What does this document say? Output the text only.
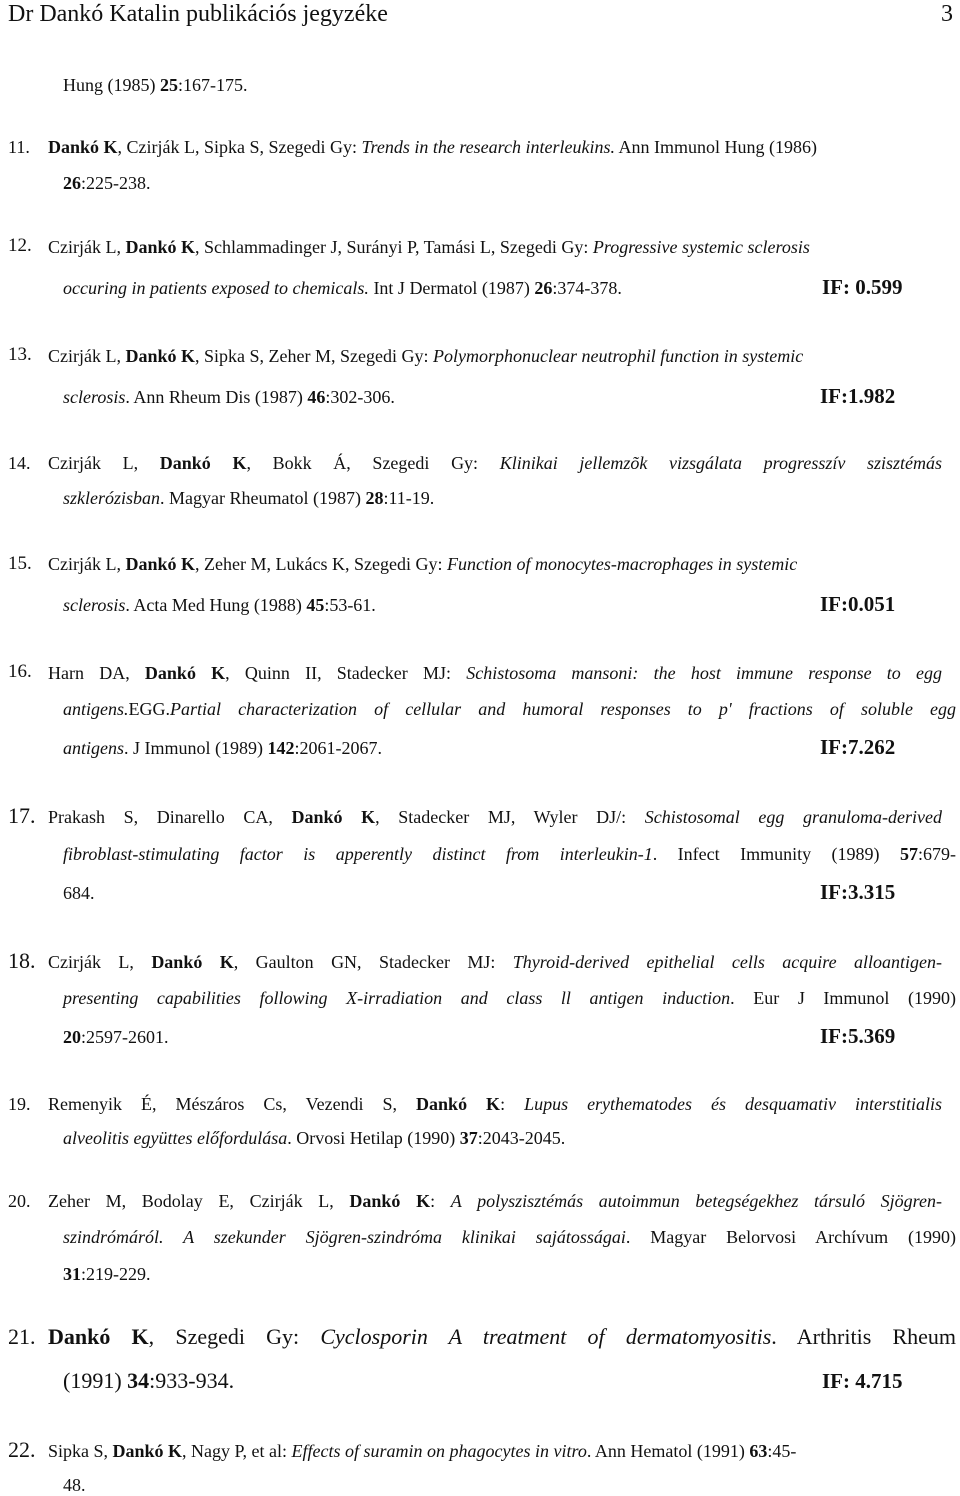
Dr Dankó Katalin publikációs jegyzéke	3
Hung (1985) 25:167-175.
11. Dankó K, Czirják L, Sipka S, Szegedi Gy: Trends in the research interleukins. Ann Immunol Hung (1986)
26:225-238.
12. Czirják L, Dankó K, Schlammadinger J, Surányi P, Tamási L, Szegedi Gy: Progressive systemic sclerosis
occuring in patients exposed to chemicals. Int J Dermatol (1987) 26:374-378.	IF: 0.599
13. Czirják L, Dankó K, Sipka S, Zeher M, Szegedi Gy: Polymorphonuclear neutrophil function in systemic
sclerosis. Ann Rheum Dis (1987) 46:302-306.	IF:1.982
14. Czirják L, Dankó K, Bokk Á, Szegedi Gy: Klinikai jellemzõk vizsgálata progresszív szisztémás
szklerózisban. Magyar Rheumatol (1987) 28:11-19.
15. Czirják L, Dankó K, Zeher M, Lukács K, Szegedi Gy: Function of monocytes-macrophages in systemic
sclerosis. Acta Med Hung (1988) 45:53-61.	IF:0.051
16. Harn DA, Dankó K, Quinn II, Stadecker MJ: Schistosoma mansoni: the host immune response to egg
antigens.EGG.Partial characterization of cellular and humoral responses to p' fractions of soluble egg
antigens. J Immunol (1989) 142:2061-2067.	IF:7.262
17. Prakash S, Dinarello CA, Dankó K, Stadecker MJ, Wyler DJ/: Schistosomal egg granuloma-derived
fibroblast-stimulating factor is apperently distinct from interleukin-1. Infect Immunity (1989) 57:679-
684.	IF:3.315
18. Czirják L, Dankó K, Gaulton GN, Stadecker MJ: Thyroid-derived epithelial cells acquire alloantigen-
presenting capabilities following X-irradiation and class ll antigen induction. Eur J Immunol (1990)
20:2597-2601.	IF:5.369
19. Remenyik É, Mészáros Cs, Vezendi S, Dankó K: Lupus erythematodes és desquamativ interstitialis
alveolitis együttes előfordulása. Orvosi Hetilap (1990) 37:2043-2045.
20. Zeher M, Bodolay E, Czirják L, Dankó K: A polyszisztémás autoimmun betegségekhez társuló Sjögren-
szindrómáról. A szekunder Sjögren-szindróma klinikai sajátosságai. Magyar Belorvosi Archívum (1990)
31:219-229.
21. Dankó K, Szegedi Gy: Cyclosporin A treatment of dermatomyositis. Arthritis Rheum
(1991) 34:933-934.	IF: 4.715
22. Sipka S, Dankó K, Nagy P, et al: Effects of suramin on phagocytes in vitro. Ann Hematol (1991) 63:45-
48.
